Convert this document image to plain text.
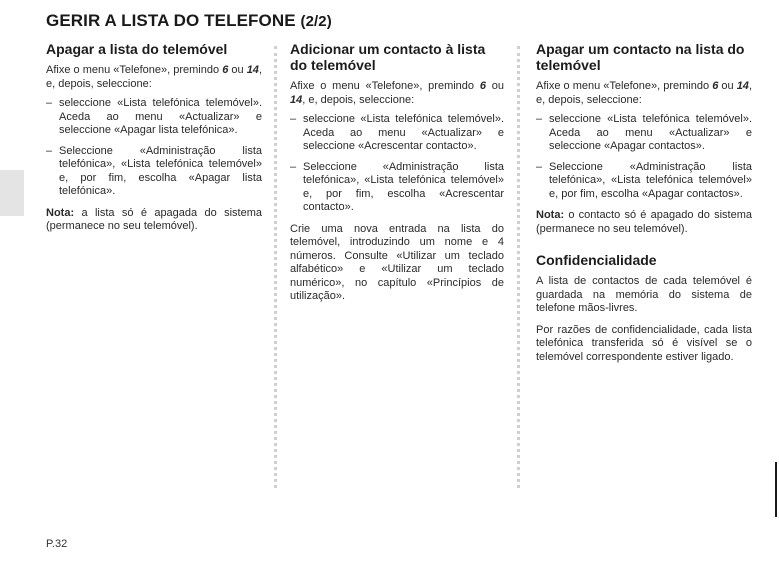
GERIR A LISTA DO TELEFONE (2/2)
Apagar a lista do telemóvel

Afixe o menu «Telefone», premindo 6 ou 14, e, depois, seleccione:

– seleccione «Lista telefónica telemóvel». Aceda ao menu «Actualizar» e seleccione «Apagar lista telefónica».
– Seleccione «Administração lista telefónica», «Lista telefónica telemóvel» e, por fim, escolha «Apagar lista telefónica».

Nota: a lista só é apagada do sistema (permanece no seu telemóvel).

Adicionar um contacto à lista do telemóvel

Afixe o menu «Telefone», premindo 6 ou 14, e, depois, seleccione:

– seleccione «Lista telefónica telemóvel». Aceda ao menu «Actualizar» e seleccione «Acrescentar contacto».
– Seleccione «Administração lista telefónica», «Lista telefónica telemóvel» e, por fim, escolha «Acrescentar contacto».

Crie uma nova entrada na lista do telemóvel, introduzindo um nome e 4 números. Consulte «Utilizar um teclado alfabético» e «Utilizar um teclado numérico», no capítulo «Princípios de utilização».

Apagar um contacto na lista do telemóvel

Afixe o menu «Telefone», premindo 6 ou 14, e, depois, seleccione:

– seleccione «Lista telefónica telemóvel». Aceda ao menu «Actualizar» e seleccione «Apagar contactos».
– Seleccione «Administração lista telefónica», «Lista telefónica telemóvel» e, por fim, escolha «Apagar contactos».

Nota: o contacto só é apagado do sistema (permanece no seu telemóvel).

Confidencialidade

A lista de contactos de cada telemóvel é guardada na memória do sistema de telefone mãos-livres.

Por razões de confidencialidade, cada lista telefónica transferida só é visível se o telemóvel correspondente estiver ligado.

P.32
